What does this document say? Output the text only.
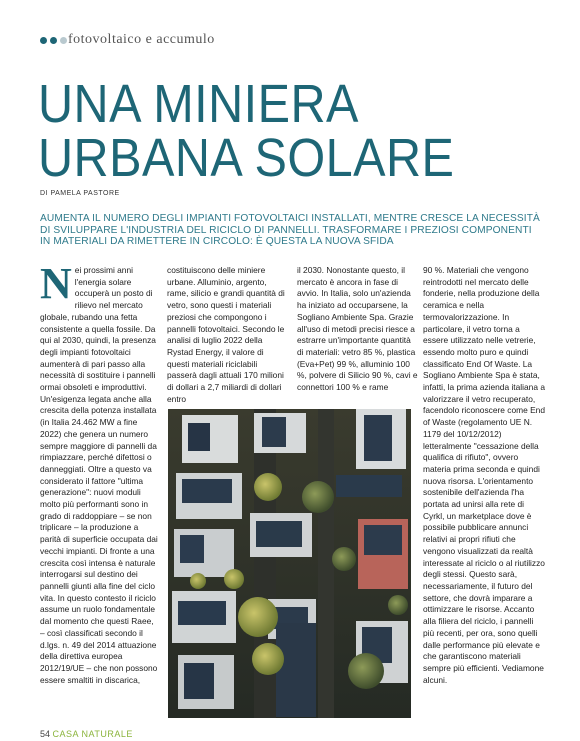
fotovoltaico e accumulo
UNA MINIERA
URBANA SOLARE
DI PAMELA PASTORE
AUMENTA IL NUMERO DEGLI IMPIANTI FOTOVOLTAICI INSTALLATI, MENTRE CRESCE LA NECESSITÀ DI SVILUPPARE L'INDUSTRIA DEL RICICLO DI PANNELLI. TRASFORMARE I PREZIOSI COMPONENTI IN MATERIALI DA RIMETTERE IN CIRCOLO: È QUESTA LA NUOVA SFIDA
Nei prossimi anni l'energia solare occuperà un posto di rilievo nel mercato globale, rubando una fetta consistente a quella fossile. Da qui al 2030, quindi, la presenza degli impianti fotovoltaici aumenterà di pari passo alla necessità di sostituire i pannelli ormai obsoleti e improduttivi. Un'esigenza legata anche alla crescita della potenza installata (in Italia 24.462 MW a fine 2022) che genera un numero sempre maggiore di pannelli da rimpiazzare, perché difettosi o danneggiati. Oltre a questo va considerato il fattore "ultima generazione": nuovi moduli molto più performanti sono in grado di raddoppiare – se non triplicare – la produzione a parità di superficie occupata dai vecchi impianti. Di fronte a una crescita così intensa è naturale interrogarsi sul destino dei pannelli giunti alla fine del ciclo vita. In questo contesto il riciclo assume un ruolo fondamentale dal momento che questi Raee, – così classificati secondo il d.lgs. n. 49 del 2014 attuazione della direttiva europea 2012/19/UE – che non possono essere smaltiti in discarica,
costituiscono delle miniere urbane. Alluminio, argento, rame, silicio e grandi quantità di vetro, sono questi i materiali preziosi che compongono i pannelli fotovoltaici. Secondo le analisi di luglio 2022 della Rystad Energy, il valore di questi materiali riciclabili passerà dagli attuali 170 milioni di dollari a 2,7 miliardi di dollari entro
il 2030. Nonostante questo, il mercato è ancora in fase di avvio. In Italia, solo un'azienda ha iniziato ad occuparsene, la Sogliano Ambiente Spa. Grazie all'uso di metodi precisi riesce a estrarre un'importante quantità di materiali: vetro 85 %, plastica (Eva+Pet) 99 %, alluminio 100 %, polvere di Silicio 90 %, cavi e connettori 100 % e rame
90 %. Materiali che vengono reintrodotti nel mercato delle fonderie, nella produzione della ceramica e nella termovalorizzazione. In particolare, il vetro torna a essere utilizzato nelle vetrerie, essendo molto puro e quindi classificato End Of Waste. La Sogliano Ambiente Spa è stata, infatti, la prima azienda italiana a valorizzare il vetro recuperato, facendolo riconoscere come End of Waste (regolamento UE N. 1179 del 10/12/2012) letteralmente "cessazione della qualifica di rifiuto", ovvero materia prima seconda e quindi nuova risorsa. L'orientamento sostenibile dell'azienda l'ha portata ad unirsi alla rete di Cyrkl, un marketplace dove è possibile pubblicare annunci relativi ai propri rifiuti che vengono visualizzati da realtà interessate al riciclo o al riutilizzo degli stessi. Questo sarà, necessariamente, il futuro del settore, che dovrà imparare a ottimizzare le risorse. Accanto alla filiera del riciclo, i pannelli più recenti, per ora, sono quelli dalle performance più elevate e che garantiscono materiali sempre più efficienti. Vediamone alcuni.
54 CASA NATURALE
